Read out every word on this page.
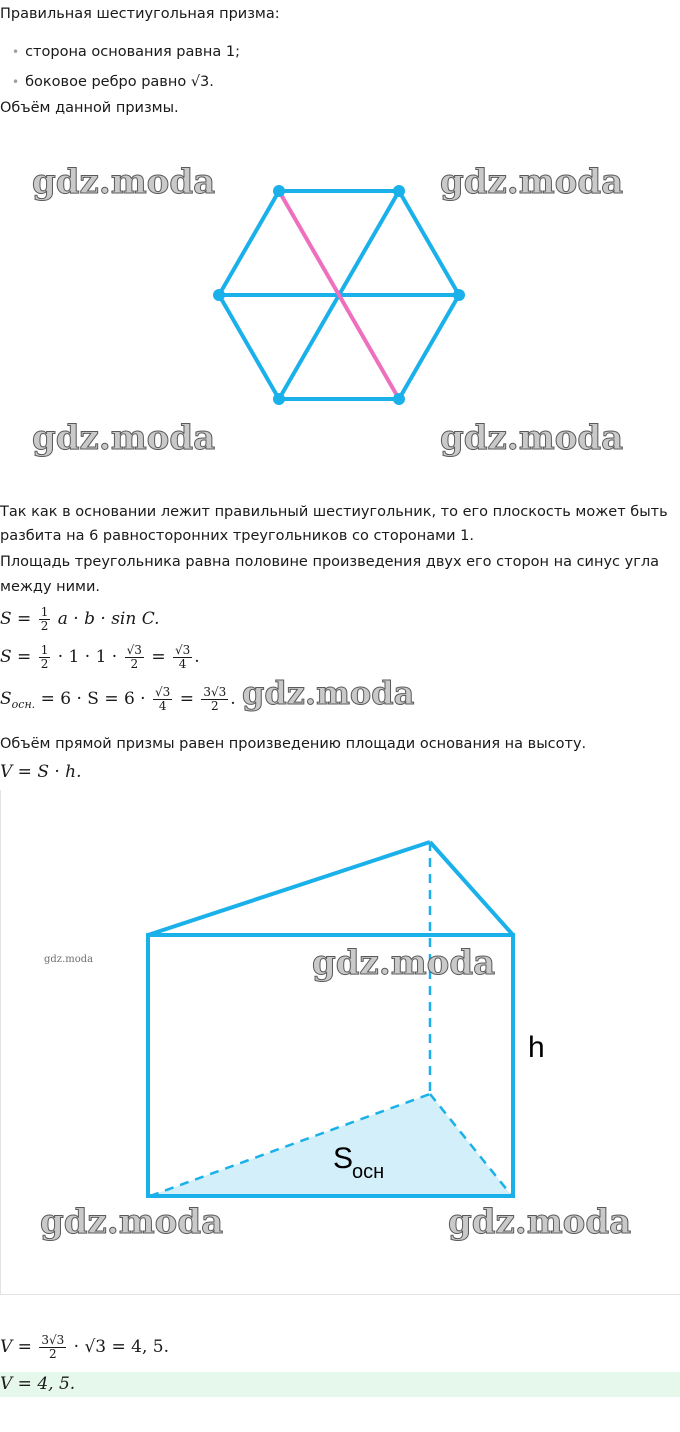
Правильная шестиугольная призма:
• сторона основания равна 1;
• боковое ребро равно √3.
Объём данной призмы.
gdz.moda	gdz.moda
gdz.moda	gdz.moda
Так как в основании лежит правильный шестиугольник, то его плоскость может быть
разбита на 6 равносторонних треугольников со сторонами 1.
Площадь треугольника равна половине произведения двух его сторон на синус угла
между ними.
$S = \frac{1}{2}$ a · b · sin C.
$S = \frac{1}{2} \cdot 1 \cdot 1 \cdot \frac{√3}{2} = \frac{√3}{4}$ .
$S_{осн.} = 6 \cdot S = 6 \cdot \frac{√3}{4} = \frac{3√3}{2}$ . gdz.moda
Объём прямой призмы равен произведению площади основания на высоту.
V = S · h.
gdz.moda
gdz.moda
h
S
осн
gdz.moda	gdz.moda
$V = \frac{3√3}{2} \cdot √3 = 4$, 5.
V = 4, 5.
